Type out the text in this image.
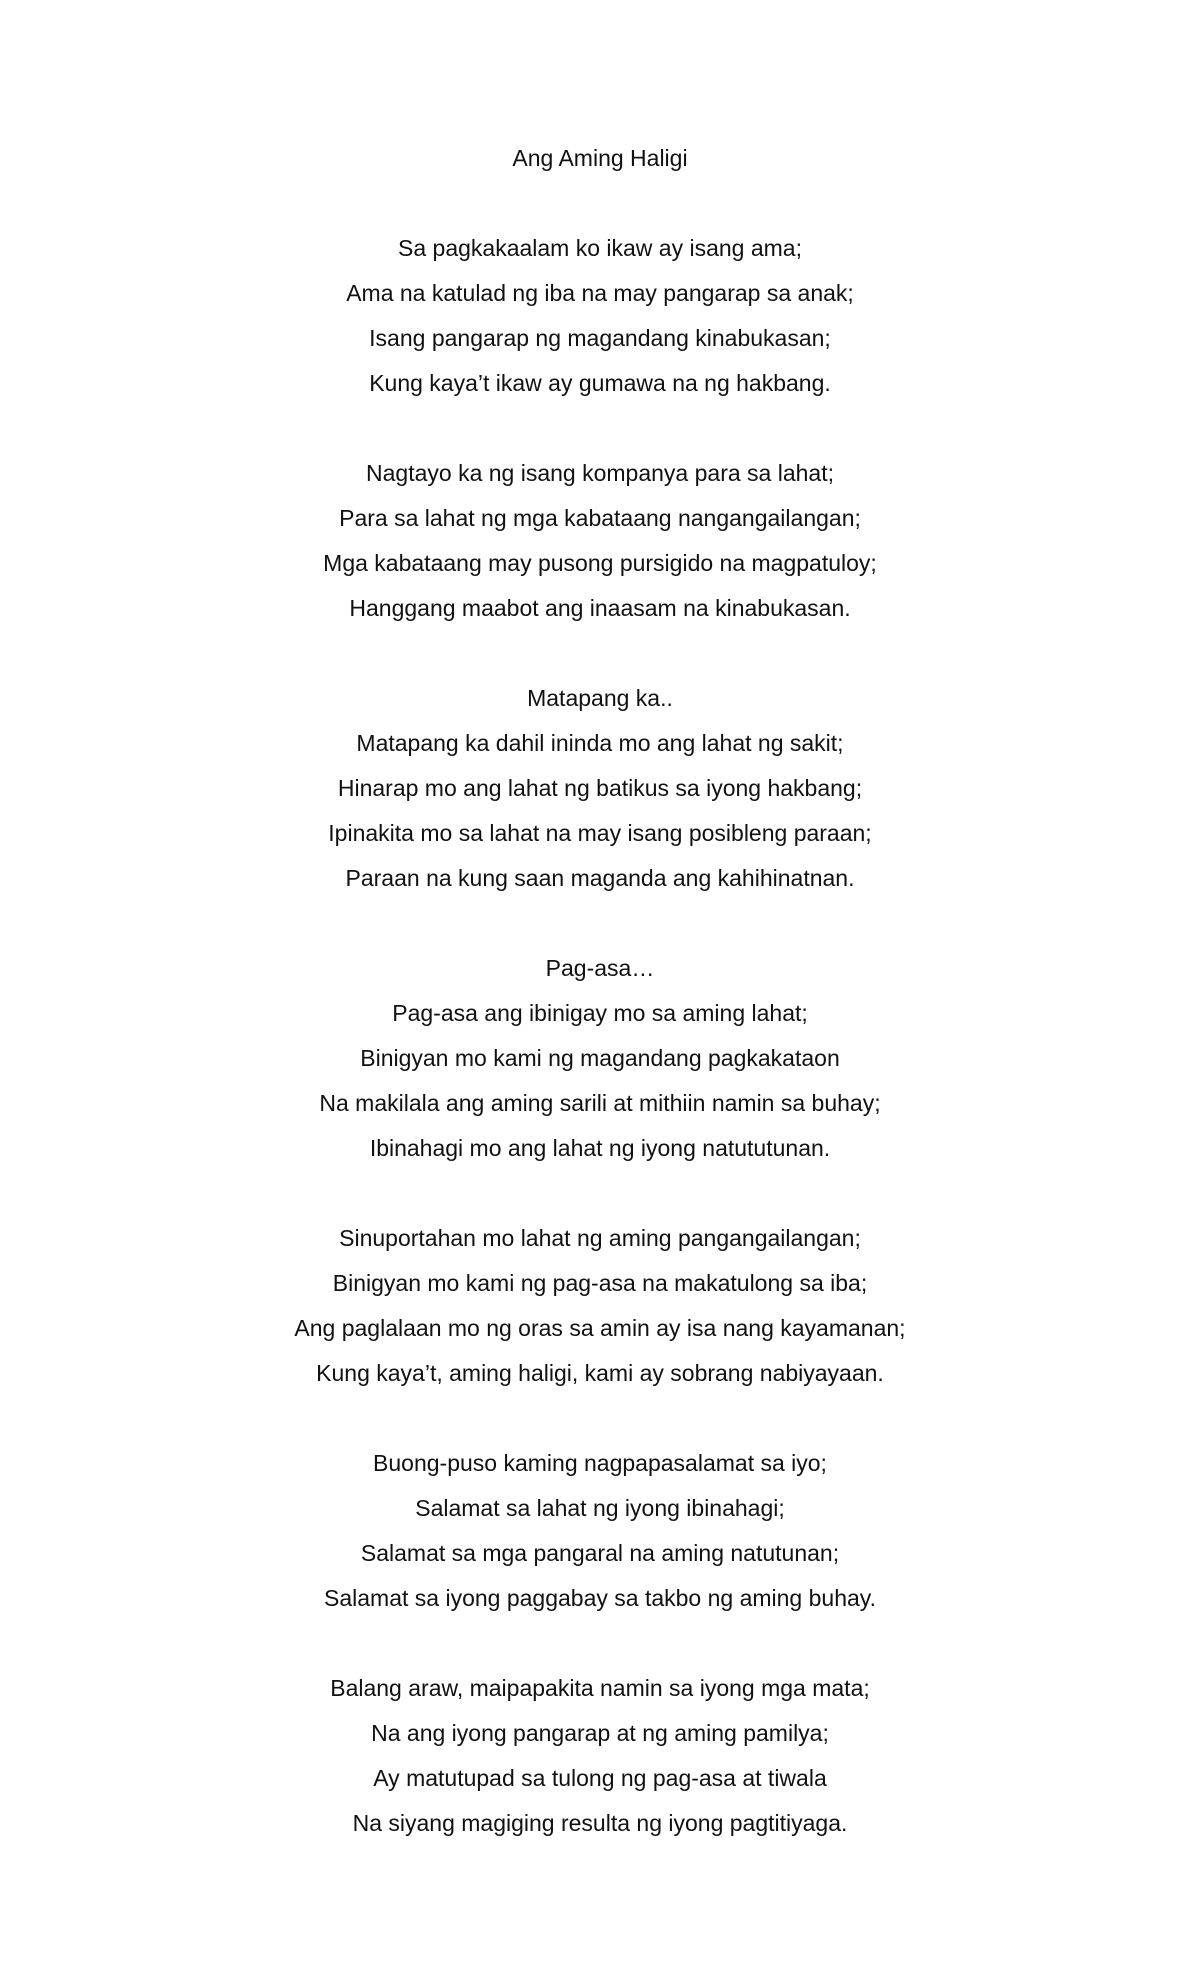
Ang Aming Haligi
Sa pagkakaalam ko ikaw ay isang ama;
Ama na katulad ng iba na may pangarap sa anak;
Isang pangarap ng magandang kinabukasan;
Kung kaya’t ikaw ay gumawa na ng hakbang.
Nagtayo ka ng isang kompanya para sa lahat;
Para sa lahat ng mga kabataang nangangailangan;
Mga kabataang may pusong pursigido na magpatuloy;
Hanggang maabot ang inaasam na kinabukasan.
Matapang ka..
Matapang ka dahil ininda mo ang lahat ng sakit;
Hinarap mo ang lahat ng batikus sa iyong hakbang;
Ipinakita mo sa lahat na may isang posibleng paraan;
Paraan na kung saan maganda ang kahihinatnan.
Pag-asa…
Pag-asa ang ibinigay mo sa aming lahat;
Binigyan mo kami ng magandang pagkakataon
Na makilala ang aming sarili at mithiin namin sa buhay;
Ibinahagi mo ang lahat ng iyong natututunan.
Sinuportahan mo lahat ng aming pangangailangan;
Binigyan mo kami ng pag-asa na makatulong sa iba;
Ang paglalaan mo ng oras sa amin ay isa nang kayamanan;
Kung kaya’t, aming haligi, kami ay sobrang nabiyayaan.
Buong-puso kaming nagpapasalamat sa iyo;
Salamat sa lahat ng iyong ibinahagi;
Salamat sa mga pangaral na aming natutunan;
Salamat sa iyong paggabay sa takbo ng aming buhay.
Balang araw, maipapakita namin sa iyong mga mata;
Na ang iyong pangarap at ng aming pamilya;
Ay matutupad sa tulong ng pag-asa at tiwala
Na siyang magiging resulta ng iyong pagtitiyaga.
